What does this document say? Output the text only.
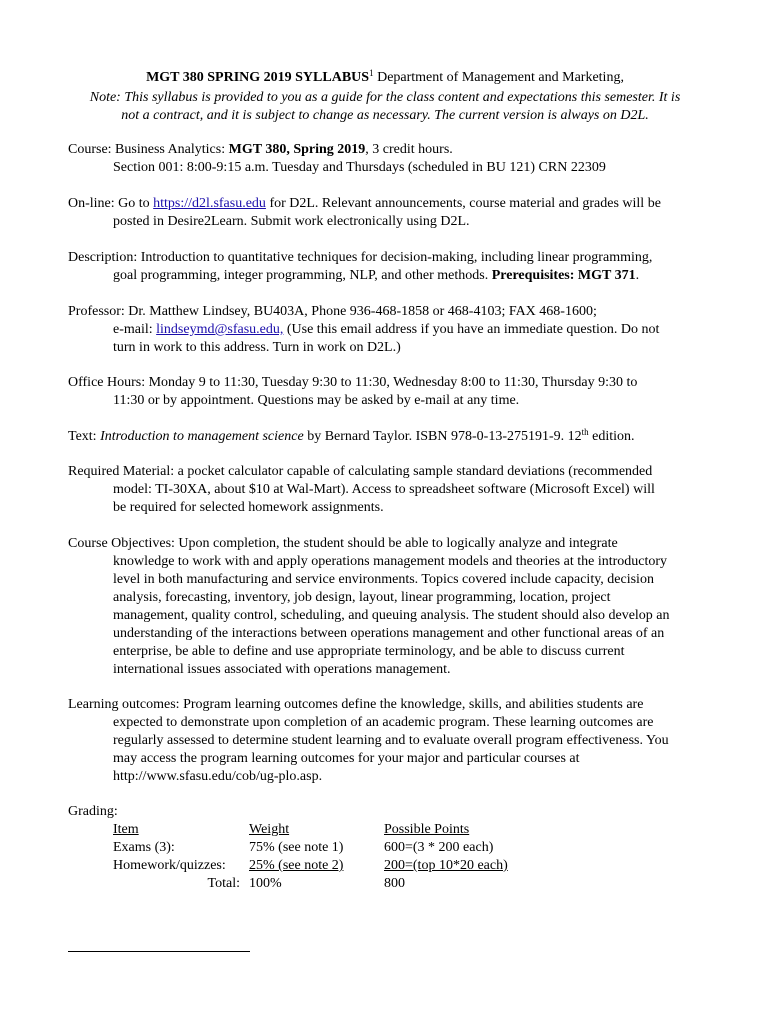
MGT 380 SPRING 2019 SYLLABUS$^1$ Department of Management and Marketing,
Note: This syllabus is provided to you as a guide for the class content and expectations this semester. It is
not a contract, and it is subject to change as necessary. The current version is always on D2L.
Course: Business Analytics: MGT 380, Spring 2019, 3 credit hours.
Section 001: 8:00-9:15 a.m. Tuesday and Thursdays (scheduled in BU 121) CRN 22309
On-line: Go to https://d2l.sfasu.edu for D2L. Relevant announcements, course material and grades will be
posted in Desire2Learn. Submit work electronically using D2L.
Description: Introduction to quantitative techniques for decision-making, including linear programming,
goal programming, integer programming, NLP, and other methods. Prerequisites: MGT 371.
Professor: Dr. Matthew Lindsey, BU403A, Phone 936-468-1858 or 468-4103; FAX 468-1600;
e-mail: lindseymd@sfasu.edu, (Use this email address if you have an immediate question. Do not
turn in work to this address. Turn in work on D2L.)
Office Hours: Monday 9 to 11:30, Tuesday 9:30 to 11:30, Wednesday 8:00 to 11:30, Thursday 9:30 to
11:30 or by appointment. Questions may be asked by e-mail at any time.
Text: Introduction to management science by Bernard Taylor. ISBN 978-0-13-275191-9. 12th edition.
Required Material: a pocket calculator capable of calculating sample standard deviations (recommended
model: TI-30XA, about $10 at Wal-Mart). Access to spreadsheet software (Microsoft Excel) will
be required for selected homework assignments.
Course Objectives: Upon completion, the student should be able to logically analyze and integrate
knowledge to work with and apply operations management models and theories at the introductory
level in both manufacturing and service environments. Topics covered include capacity, decision
analysis, forecasting, inventory, job design, layout, linear programming, location, project
management, quality control, scheduling, and queuing analysis. The student should also develop an
understanding of the interactions between operations management and other functional areas of an
enterprise, be able to define and use appropriate terminology, and be able to discuss current
international issues associated with operations management.
Learning outcomes: Program learning outcomes define the knowledge, skills, and abilities students are
expected to demonstrate upon completion of an academic program. These learning outcomes are
regularly assessed to determine student learning and to evaluate overall program effectiveness. You
may access the program learning outcomes for your major and particular courses at
http://www.sfasu.edu/cob/ug-plo.asp.
Grading:
Item	Weight	Possible Points
Exams (3):	75% (see note 1)	600=(3 * 200 each)
Homework/quizzes: 25% (see note 2)	200=(top 10*20 each)
Total: 100%	800
